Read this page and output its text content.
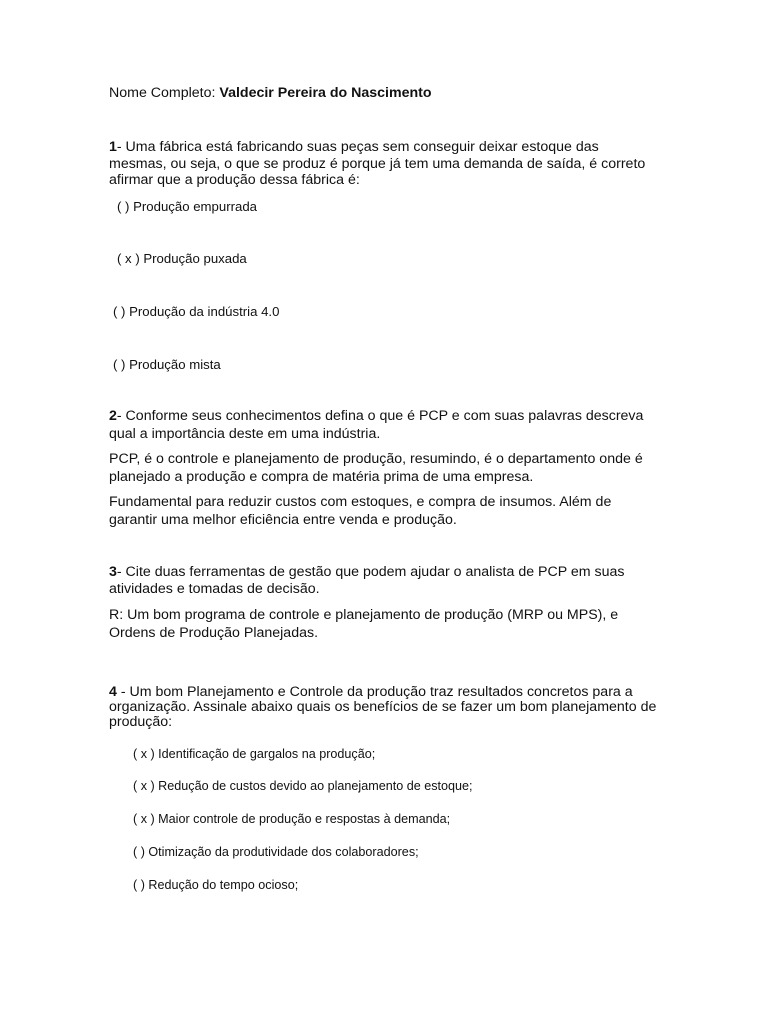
Nome Completo: Valdecir Pereira do Nascimento
1- Uma fábrica está fabricando suas peças sem conseguir deixar estoque das
mesmas, ou seja, o que se produz é porque já tem uma demanda de saída, é correto
afirmar que a produção dessa fábrica é:
( ) Produção empurrada
( x ) Produção puxada
( ) Produção da indústria 4.0
( ) Produção mista
2- Conforme seus conhecimentos defina o que é PCP e com suas palavras descreva
qual a importância deste em uma indústria.
PCP, é o controle e planejamento de produção, resumindo, é o departamento onde é
planejado a produção e compra de matéria prima de uma empresa.
Fundamental para reduzir custos com estoques, e compra de insumos. Além de
garantir uma melhor eficiência entre venda e produção.
3- Cite duas ferramentas de gestão que podem ajudar o analista de PCP em suas
atividades e tomadas de decisão.
R: Um bom programa de controle e planejamento de produção (MRP ou MPS), e
Ordens de Produção Planejadas.
4 - Um bom Planejamento e Controle da produção traz resultados concretos para a
organização. Assinale abaixo quais os benefícios de se fazer um bom planejamento de
produção:
( x ) Identificação de gargalos na produção;
( x ) Redução de custos devido ao planejamento de estoque;
( x ) Maior controle de produção e respostas à demanda;
( ) Otimização da produtividade dos colaboradores;
( ) Redução do tempo ocioso;
